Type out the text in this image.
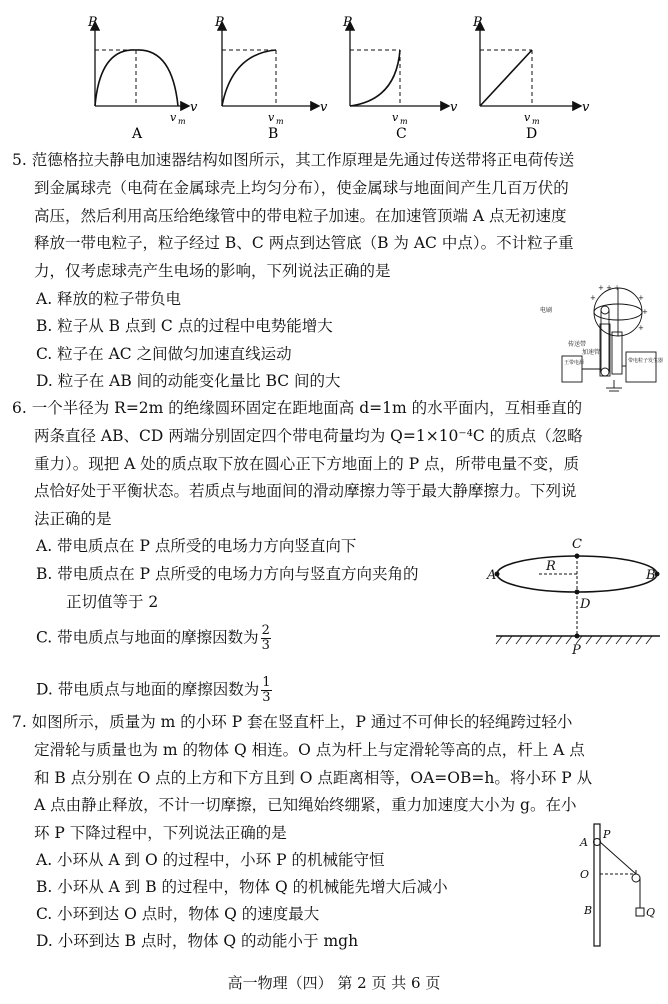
P
v
v m
A
P
v
v m
B
P
v
v m
C
P
v
v m
D
5. 范德格拉夫静电加速器结构如图所示，其工作原理是先通过传送带将正电荷传送
到金属球壳（电荷在金属球壳上均匀分布），使金属球与地面间产生几百万伏的
高压，然后利用高压给绝缘管中的带电粒子加速。在加速管顶端 A 点无初速度
释放一带电粒子，粒子经过 B、C 两点到达管底（B 为 AC 中点）。不计粒子重
力，仅考虑球壳产生电场的影响，下列说法正确的是
A. 释放的粒子带负电
B. 粒子从 B 点到 C 点的过程中电势能增大
C. 粒子在 AC 之间做匀加速直线运动
D. 粒子在 AB 间的动能变化量比 BC 间的大
+ + +
+
+
+
+
电刷
传送带
加速管
王带电源	带电粒子发生器
6. 一个半径为 R=2m 的绝缘圆环固定在距地面高 d=1m 的水平面内，互相垂直的
两条直径 AB、CD 两端分别固定四个带电荷量均为 Q=1×10⁻⁴C 的质点（忽略
重力）。现把 A 处的质点取下放在圆心正下方地面上的 P 点，所带电量不变，质
点恰好处于平衡状态。若质点与地面间的滑动摩擦力等于最大静摩擦力。下列说
法正确的是
A. 带电质点在 P 点所受的电场力方向竖直向下
B. 带电质点在 P 点所受的电场力方向与竖直方向夹角的
正切值等于 2
C. 带电质点与地面的摩擦因数为 $\frac{2}{3}$
D. 带电质点与地面的摩擦因数为 $\frac{1}{3}$
A	B
C
D
R
P
7. 如图所示，质量为 m 的小环 P 套在竖直杆上，P 通过不可伸长的轻绳跨过轻小
定滑轮与质量也为 m 的物体 Q 相连。O 点为杆上与定滑轮等高的点，杆上 A 点
和 B 点分别在 O 点的上方和下方且到 O 点距离相等，OA=OB=h。将小环 P 从
A 点由静止释放，不计一切摩擦，已知绳始终绷紧，重力加速度大小为 g。在小
环 P 下降过程中，下列说法正确的是
A. 小环从 A 到 O 的过程中，小环 P 的机械能守恒
B. 小环从 A 到 B 的过程中，物体 Q 的机械能先增大后减小
C. 小环到达 O 点时，物体 Q 的速度最大
D. 小环到达 B 点时，物体 Q 的动能小于 mgh
A
P
O
B	Q
高一物理（四） 第 2 页 共 6 页
